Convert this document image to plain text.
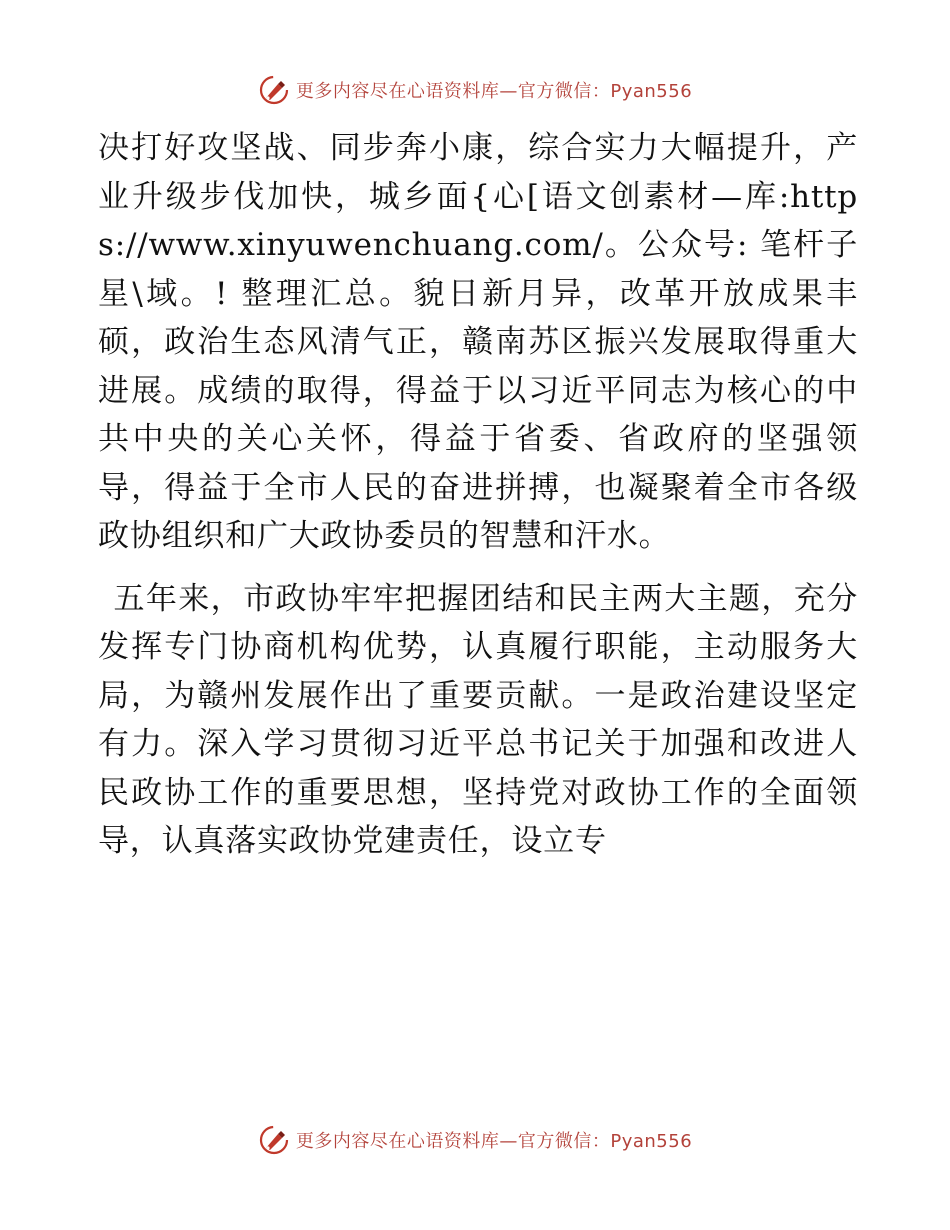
更多内容尽在心语资料库—官方微信：Pyan556

决打好攻坚战、同步奔小康，综合实力大幅提升，产业升级步伐加快，城乡面{心[语文创素材—库:https://www.xinyuwenchuang.com/。公众号: 笔杆子星\域。! 整理汇总。貌日新月异，改革开放成果丰硕，政治生态风清气正，赣南苏区振兴发展取得重大进展。成绩的取得，得益于以习近平同志为核心的中共中央的关心关怀，得益于省委、省政府的坚强领导，得益于全市人民的奋进拼搏，也凝聚着全市各级政协组织和广大政协委员的智慧和汗水。

五年来，市政协牢牢把握团结和民主两大主题，充分发挥专门协商机构优势，认真履行职能，主动服务大局，为赣州发展作出了重要贡献。一是政治建设坚定有力。深入学习贯彻习近平总书记关于加强和改进人民政协工作的重要思想，坚持党对政协工作的全面领导，认真落实政协党建责任，设立专

更多内容尽在心语资料库—官方微信：Pyan556
